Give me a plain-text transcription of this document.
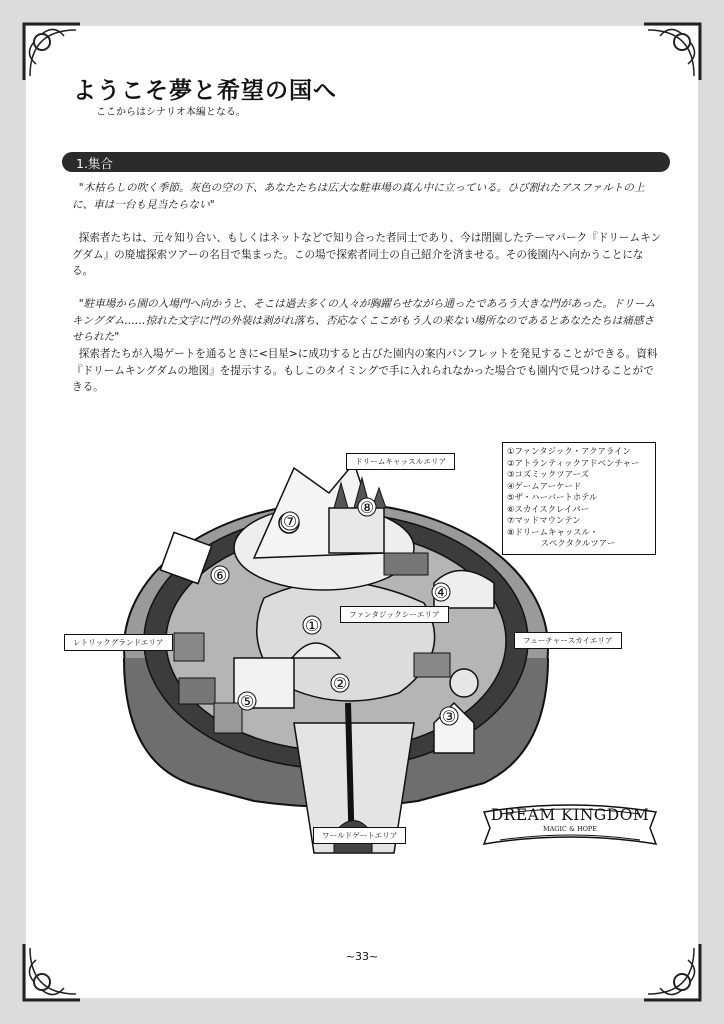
ようこそ夢と希望の国へ
ここからはシナリオ本編となる。
1.集合
"木枯らしの吹く季節。灰色の空の下、あなたたちは広大な駐車場の真ん中に立っている。ひび割れたアスファルトの上に、車は一台も見当たらない"
探索者たちは、元々知り合い、もしくはネットなどで知り合った者同士であり、今は閉園したテーマパーク『ドリームキングダム』の廃墟探索ツアーの名目で集まった。この場で探索者同士の自己紹介を済ませる。その後園内へ向かうことになる。
"駐車場から園の入場門へ向かうと、そこは過去多くの人々が胸躍らせながら通ったであろう大きな門があった。ドリームキングダム……掠れた文字に門の外装は剥がれ落ち、否応なくここがもう人の来ない場所なのであるとあなたたちは痛感させられた"
探索者たちが入場ゲートを通るときに<目星>に成功すると古びた園内の案内パンフレットを発見することができる。資料『ドリームキングダムの地図』を提示する。もしこのタイミングで手に入れられなかった場合でも園内で見つけることができる。
①
②
③
④
⑤
⑥
⑦
⑧
①ファンタジック・アクアライン
②アトランティックアドベンチャー
③コズミックツアーズ
④ゲームアーケード
⑤ザ・ハーバートホテル
⑥スカイスクレイパー
⑦マッドマウンテン
⑧ドリームキャッスル・
　　　　スペクタクルツアー
ドリームキャッスルエリア
ファンタジックシーエリア
レトリックグランドエリア	フューチャースカイエリア
ワールドゲートエリア
DREAM KINGDOM
MAGIC & HOPE
~33~
